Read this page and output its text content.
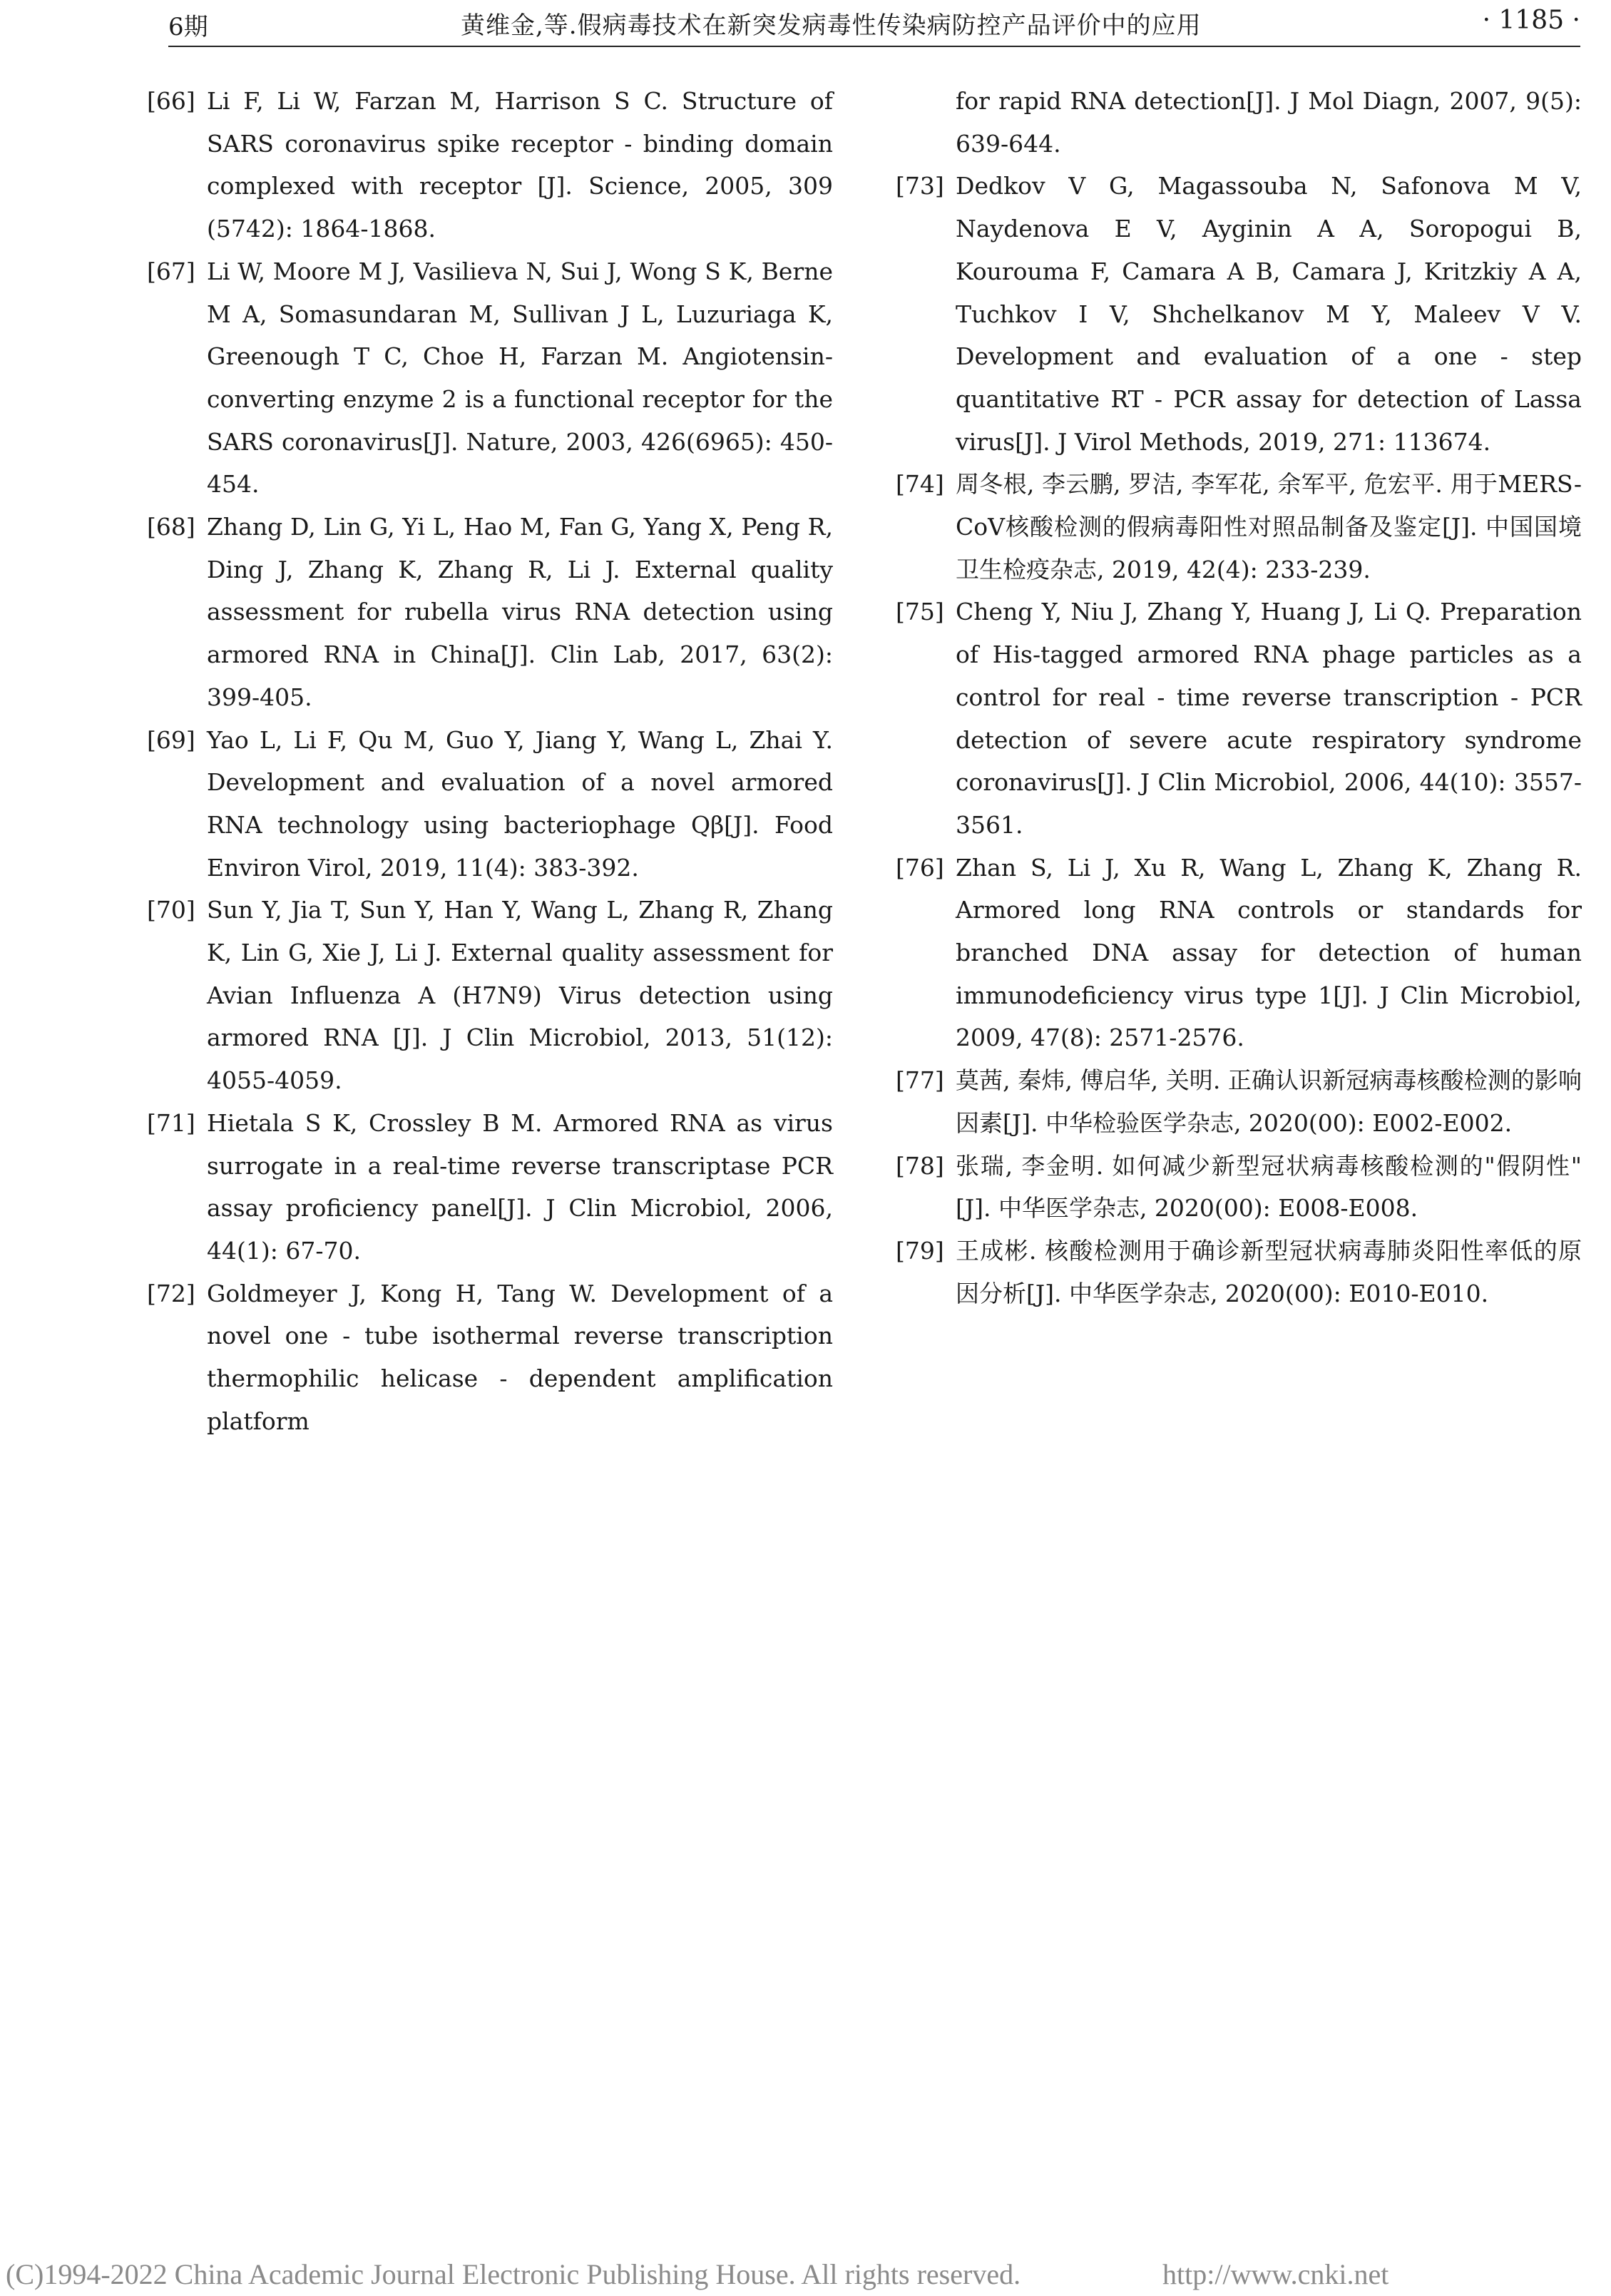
6期	黄维金,等.假病毒技术在新突发病毒性传染病防控产品评价中的应用	· 1185 ·
[66] Li F, Li W, Farzan M, Harrison S C. Structure of SARS coronavirus spike receptor - binding domain complexed with receptor [J]. Science, 2005, 309 (5742): 1864-1868.
[67] Li W, Moore M J, Vasilieva N, Sui J, Wong S K, Berne M A, Somasundaran M, Sullivan J L, Luzuriaga K, Greenough T C, Choe H, Farzan M. Angiotensin-converting enzyme 2 is a functional receptor for the SARS coronavirus[J]. Nature, 2003, 426(6965): 450-454.
[68] Zhang D, Lin G, Yi L, Hao M, Fan G, Yang X, Peng R, Ding J, Zhang K, Zhang R, Li J. External quality assessment for rubella virus RNA detection using armored RNA in China[J]. Clin Lab, 2017, 63(2): 399-405.
[69] Yao L, Li F, Qu M, Guo Y, Jiang Y, Wang L, Zhai Y. Development and evaluation of a novel armored RNA technology using bacteriophage Qβ[J]. Food Environ Virol, 2019, 11(4): 383-392.
[70] Sun Y, Jia T, Sun Y, Han Y, Wang L, Zhang R, Zhang K, Lin G, Xie J, Li J. External quality assessment for Avian Influenza A (H7N9) Virus detection using armored RNA [J]. J Clin Microbiol, 2013, 51(12): 4055-4059.
[71] Hietala S K, Crossley B M. Armored RNA as virus surrogate in a real-time reverse transcriptase PCR assay proficiency panel[J]. J Clin Microbiol, 2006, 44(1): 67-70.
[72] Goldmeyer J, Kong H, Tang W. Development of a novel one - tube isothermal reverse transcription thermophilic helicase - dependent amplification platform
for rapid RNA detection[J]. J Mol Diagn, 2007, 9(5): 639-644.
[73] Dedkov V G, Magassouba N, Safonova M V, Naydenova E V, Ayginin A A, Soropogui B, Kourouma F, Camara A B, Camara J, Kritzkiy A A, Tuchkov I V, Shchelkanov M Y, Maleev V V. Development and evaluation of a one - step quantitative RT - PCR assay for detection of Lassa virus[J]. J Virol Methods, 2019, 271: 113674.
[74] 周冬根, 李云鹏, 罗洁, 李军花, 余军平, 危宏平. 用于MERS-CoV核酸检测的假病毒阳性对照品制备及鉴定[J]. 中国国境卫生检疫杂志, 2019, 42(4): 233-239.
[75] Cheng Y, Niu J, Zhang Y, Huang J, Li Q. Preparation of His-tagged armored RNA phage particles as a control for real - time reverse transcription - PCR detection of severe acute respiratory syndrome coronavirus[J]. J Clin Microbiol, 2006, 44(10): 3557-3561.
[76] Zhan S, Li J, Xu R, Wang L, Zhang K, Zhang R. Armored long RNA controls or standards for branched DNA assay for detection of human immunodeficiency virus type 1[J]. J Clin Microbiol, 2009, 47(8): 2571-2576.
[77] 莫茜, 秦炜, 傅启华, 关明. 正确认识新冠病毒核酸检测的影响因素[J]. 中华检验医学杂志, 2020(00): E002-E002.
[78] 张瑞, 李金明. 如何减少新型冠状病毒核酸检测的"假阴性"[J]. 中华医学杂志, 2020(00): E008-E008.
[79] 王成彬. 核酸检测用于确诊新型冠状病毒肺炎阳性率低的原因分析[J]. 中华医学杂志, 2020(00): E010-E010.
(C)1994-2022 China Academic Journal Electronic Publishing House. All rights reserved.	http://www.cnki.net
